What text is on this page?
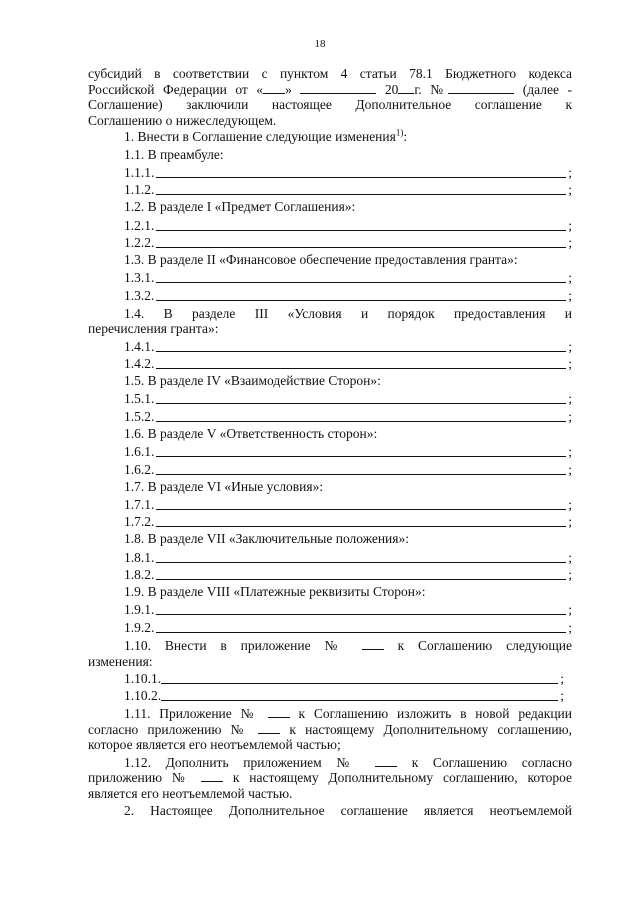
18
субсидий в соответствии с пунктом 4 статьи 78.1 Бюджетного кодекса
Российской Федерации от « »	20 г. №	(далее -
Соглашение) заключили настоящее Дополнительное соглашение к
Соглашению о нижеследующем.
1. Внести в Соглашение следующие изменения$^{1)}$:
1.1. В преамбуле:
1.1.1.	;
1.1.2.	;
1.2. В разделе I «Предмет Соглашения»:
1.2.1.	;
1.2.2.	;
1.3. В разделе II «Финансовое обеспечение предоставления гранта»:
1.3.1.	;
1.3.2.	;
1.4. В разделе III «Условия и порядок предоставления и
перечисления гранта»:
1.4.1.	;
1.4.2.	;
1.5. В разделе IV «Взаимодействие Сторон»:
1.5.1.	;
1.5.2.	;
1.6. В разделе V «Ответственность сторон»:
1.6.1.	;
1.6.2.	;
1.7. В разделе VI «Иные условия»:
1.7.1.	;
1.7.2.	;
1.8. В разделе VII «Заключительные положения»:
1.8.1.	;
1.8.2.	;
1.9. В разделе VIII «Платежные реквизиты Сторон»:
1.9.1.	;
1.9.2.	;
1.10. Внести в приложение №	к Соглашению следующие
изменения:
1.10.1.	;
1.10.2.	;
1.11. Приложение №	к Соглашению изложить в новой редакции
согласно приложению №	к настоящему Дополнительному соглашению,
которое является его неотъемлемой частью;
1.12. Дополнить приложением №	к Соглашению согласно
приложению №	к настоящему Дополнительному соглашению, которое
является его неотъемлемой частью.
2. Настоящее Дополнительное соглашение является неотъемлемой
